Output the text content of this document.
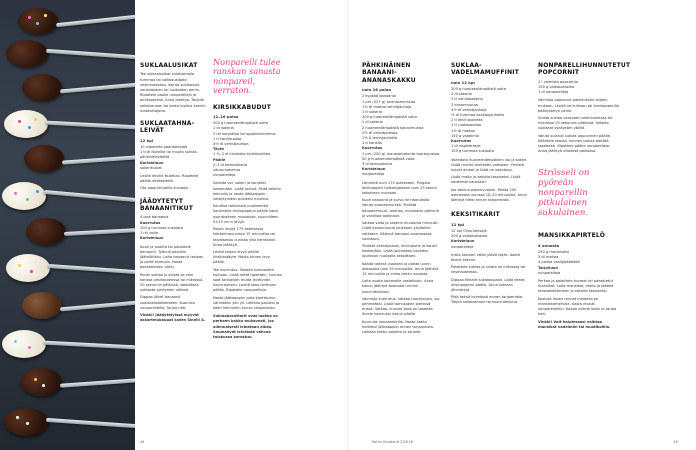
SUKLAALUSIKAT

Tee suklaalusikat sulattamalla tummaa tai valkosuklaata vesihauteessa. Valuta suklaasula venevaiseen tai lusikoiden periin. Ripottele paalle nonparelleja ja pinttaperella. Anna jaahtya. Tarjoile sellaisenaan tai kasta lusikka kahvin makeuttajaksi.

SUKLAATAHNA-LEIVÄT
12 kpl
10 viipaletta paahtoleipää
1 tl di Nutellla tai muuta suklaa-pähkinälevitettä
Koristeluun
sokerikuulat

Levitä leiville Nutellaa. Ripottele päälle strösseleitä.

Ota piparimuotilla kuvioita.

JÄÄDYTETYT BANAANITIKUT
4 isoa banaania
Kuorrutus
100 g tummaa suklaata
1 rkl voita
Koristeluun

Kuori ja puolita tai paloittele banaanit. Työnnä paloihin jäätelötikku. Laita banaanit rasiaan ja peitä kelmulla. Nosta pakastimeen yöksi.

Rouhi suklaa ja sulata se voin kanssa vesihauteessa tai mikrossa. 20 sekunnin pätkissä, sekoittaen suklaata sykäysten välissä.

Dippaa jäiset banaanit suklaakastikkeeseen. Kuorruta nonparelleilla. Tarjoa heti.

Vinkki! Jäädytetyissä myyvät askartelukaupat kuten Sinelli A.

Nonparelli tulee ranskan sanasta nonpareil, verraton.
KIRSIKKABUDUT
12–16 palaa
200 g huoneenlämpöistä voita
1 dl sokeria
2 rkl konjakkia tai appelsiinimehua
1 tl kanilisuolaa
4½ dl vehnäjauhoja
Täyte
1 ½–2 dl kirsikoita kirsikkahilloa
Päälle
2–3 dl tomusokeria
sitruunamehua
nonparelleja

Sekoita voi, sokeri ja konjakki keskenään. Lisää jauhot. Peitä taikina kelmulla ja nosta jääkaappiin vetäytymään puoleksi tunniksi.

Kaulitse taikinasta puolisenttiä kaulimella leivinpaperin päälle kaksi suorakaiteen muotoista, suunnilleen 5×25 cm:n levyä.

Paista levyjä 175 asteisessa kiertoilmauunissa 15 minuuttia tai taivalsessa uunissa yksi kerrallaan. Anna jäähtyä.

Levitä toisen levyn päälle kirsikkatäyte. Nosta toinen levy päälle.

Tee kuorrutus. Sekoita tomusokeri kulhoon. Lisää vettä tipoittain, kunnes saat tahnaisen mutta levittyvän kuorrutuksen. Levitä seos torttujen päälle. Ripottele nonparelleja.

Nosta jääkaappiin jotta kanttautuu, vähintään yön yli. Leikkaa paloiksi ja kääri kelmuihin ennen tarjoamista.

Suklaabocottorit ovat luokka se perheen kakku mukavesti, jos ollennaisesti leikataan alkaa. Saumahyöt leivälsää vahvaa tuiskussa korostuu.

44
PÄHKINÄINEN BANAANI-ANANASKAKKU
noin 16 palaa
2 kypsää banaania
1 prk (227 g) ananasmurskaa
1½ dl maitoa vehnäjauhoja
1 tl sokeria
200 g huoneenlämpöistä voita
2 dl sokeria
2 huoneenlämpöistä kananmunaa
2½ dl vehnäjauhoja
1½ tl leivinjauhetta
1 tl kanelia
Kuorrutus
1 prk (200 g) maustamatonta tuorejuustoa
50 g huoneenlämpöistä voita
3 dl tomusokeria
Koristeluun
nonparelleja

Lämmitä uuni 175 asteeseen. Pingota leivinpaperi halkaisijaltaan noin 23 sentin kokoiseen vuokaan.

Kuori banaanit ja survo ne haarukalla. Valuta ananasmurska. Yhdistä banaanimuusi, ananas, murskattu pähkinä ja vanilliaa taikinaan.

Vatkaa voita ja sokeria muutama minuutti. Lisää kananmunat joukkoon yksitellen vatkaten. Käännä banaani-ananasseos vaahtoon.

Yhdistä vehnäjauhot, leivinjauhe ja kaneli keskenään. Lisää jauhoseos vaahdon joukkoon nuolijalla sekoittaen.

Kaada taikina vuokaan ja paista uunin alatasolla noin 50 minuuttia. Anna jäähtyä 15 minuuttia ja irrota kakku vuoasta.

Laita vuoka lautaselle vastakkain. Anna kakun jäähtyä kokonaan ennen kuorruttamista.

Valmista kuorrutus. Vatkaa tuorejuusto, voi pehmeäksi. Lisää tomusokeri pienissä erissä. Vatkaa, kunnes seos on tasaista. Sivele kuorrutus kakun päälle.

Kuorruta nonparelleilla. Nosta kakku hetkeksi jääkaappiin ennen tarjoamista. Leikkaa kakku paloiksi ja tarjoile.

SUKLAA-VADELMAMUFFINIT
noin 12 kpl
200 g huoneenlämpöistä voita
2 dl sokeria
2 tl vaniljasokeria
2 kananmunaa
4½ dl vehnäjauhoja
½ dl tummaa kaakaojauhetta
2 tl leivinjauhetta
1 tl ruokasoodaa
1½ dl maitoa
150 g vadelmia
Kuorrutus
1 dl vispikermaa
150 g tummaa suklaata

Vaahdota huoneenlämpöinen voi ja sokeri. Lisää munat yksitellen vatkaten. Yhdistä kuivat aineet ja lisää ne vaahtoon.

Lisää maito ja sekoita tasaiseksi. Lisää vadelmat varovasti.

Jaa taikina paperivuokiin. Paista 200 asteisessa uunissa 18–20 minuuttia. Anna jäähtyä hetki ennen tarjoamista.

KEKSITIKARIT
12 kpl
12 kpl Oreo-keksejä
200 g valkosuklaata
Koristeluun
nonparelleja

Irrota keksien väliin jäävä täyte. Asetä tikarit keksiin.

Paloittele suklaa ja sulata se mikrossa tai vesihauteessa.

Dippaa tikkarit suklaasulaan. Laita keksit leivinpaperin päälle. Anna suklaan jähmettyä.

Pidä keksit kylmässä ennen tarjoamista. Tarjoa sellaisenaan tai kuorrutettuna.

NONPARELLIHUNNUTETUT POPCORNIT
2 l valmista popcornia
150 g valkosuklaata
1 dl nonparelleja

Valmista popcornit pakkauksen ohjeen mukaan. Levitä ne kulhoon tai leivinpaperilla päällystetyn pellin.

Sulata suklaa varovasti vesihauteessa tai mikrossa 20 sekunnin pätkissä. Sekoita suklaata sykäysten välillä.

Valuta sulanut suklaa popcornien päälle. Kääntele seosta, kunnes suklaa peittää tasaisesti. Ripottele päälle nonparelleja. Anna jäähtyä viileässä paikassa.

Strösseli on pyöreän nonparellin pitkulainen sukulainen.
MANSIKKAPIRTELÖ
4 annosta
250 g mansikoita
3 dl maitoa
4 palloa vaniljajäätelöä
Tarjoiluun
nonparelleja

Perkaa ja paloittele tuoreet tai pakastetut mansikat. Laita mansikat, maito ja jäätelö tehosekoittimeen ja sekoita tasaiseksi.

Kostuta lasien reunat maidolla tai mansikkamehulla. Kasta reunat nonparelleihin. Kaada pirtelö lasiin ja tarjoa heti.

Vinkki! Voit halutessasi vaihtaa mansikat vadelmiin tai mustikoihin.

Kotiin Kuudenit 2/2016	45
